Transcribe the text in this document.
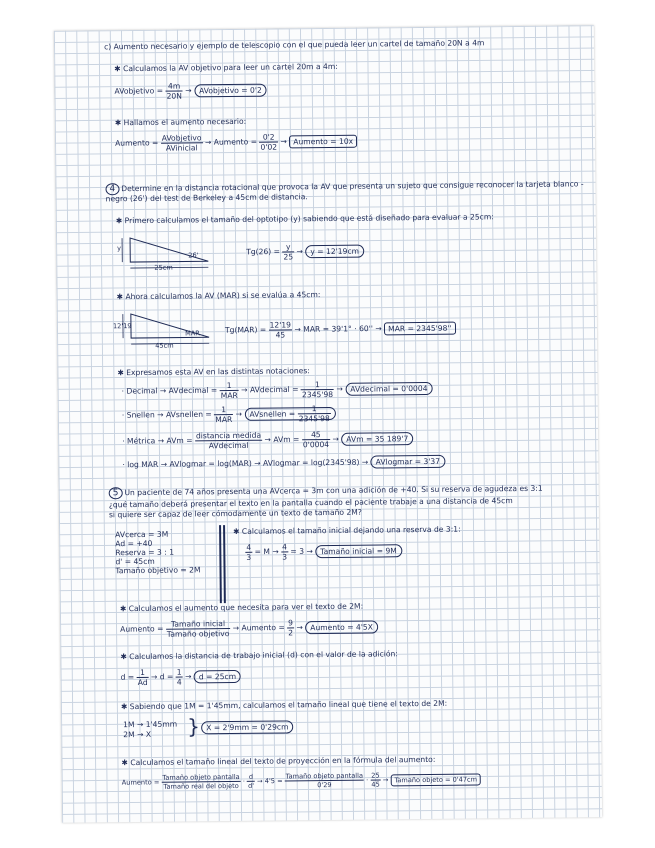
c) Aumento necesario y ejemplo de telescopio con el que pueda leer un cartel de tamaño 20N a 4m
✱ Calculamos la AV objetivo para leer un cartel 20m a 4m:
AVobjetivo = $\frac{4m}{20N}$ → AVobjetivo = 0'2
✱ Hallamos el aumento necesario:
Aumento = $\frac{\text{AVobjetivo}}{\text{AVinicial}}$ → Aumento = $\frac{0'2}{0'02}$ → Aumento = 10x
4 Determine en la distancia rotacional que provoca la AV que presenta un sujeto que consigue reconocer la tarjeta blanco - negro (26') del test de Berkeley a 45cm de distancia.
✱ Primero calculamos el tamaño del optotipo (y) sabiendo que está diseñado para evaluar a 25cm:
y
26'
25cm
$Tg(26) = \frac{y}{25} \to y = 12'19cm$
✱ Ahora calculamos la AV (MAR) si se evalúa a 45cm:
12'19
MAR
45cm
$Tg(MAR) = \frac{12'19}{45}$ → MAR = 39'1° · 60'' → MAR = 2345'98''
✱ Expresamos esta AV en las distintas notaciones:
· Decimal → AVdecimal = $\frac{1}{\text{MAR}}$ → AVdecimal = $\frac{1}{2345'98}$ → AVdecimal = 0'0004
· Snellen → AVsnellen = $\frac{1}{\text{MAR}}$ → AVsnellen = $\frac{1}{2345'98}$
· Métrica → AVm = $\frac{\text{distancia medida}}{\text{AVdecimal}}$ → AVm = $\frac{45}{0'0004}$ → AVm = 35 189'7
· log MAR → AVlogmar = log(MAR) → AVlogmar = log(2345'98) → AVlogmar = 3'37
5 Un paciente de 74 años presenta una AVcerca = 3m con una adición de +40. Si su reserva de agudeza es 3:1
¿qué tamaño deberá presentar el texto en la pantalla cuando el paciente trabaje a una distancia de 45cm
si quiere ser capaz de leer cómodamente un texto de tamaño 2M?
AVcerca = 3M
Ad = +40
Reserva = 3 : 1
d' = 45cm
Tamaño objetivo = 2M
✱ Calculamos el tamaño inicial dejando una reserva de 3:1:
$\frac{4}{3} = M \to \frac{4}{3} = 3$ → Tamaño inicial = 9M
✱ Calculamos el aumento que necesita para ver el texto de 2M:
Aumento = $\frac{\text{Tamaño inicial}}{\text{Tamaño objetivo}}$ → Aumento = $\frac{9}{2}$ → Aumento = 4'5X
✱ Calculamos la distancia de trabajo inicial (d) con el valor de la adición:
$d = \frac{1}{Ad} \to d = \frac{1}{4} \to d = 25cm$
✱ Sabiendo que 1M = 1'45mm, calculamos el tamaño lineal que tiene el texto de 2M:
1M → 1'45mm
2M → X } X = 2'9mm = 0'29cm
✱ Calculamos el tamaño lineal del texto de proyección en la fórmula del aumento:
Aumento = $\frac{\text{Tamaño objeto pantalla}}{\text{Tamaño real del objeto}} \cdot \frac{d}{d'} \to 4'5 = \frac{\text{Tamaño objeto pantalla}}{0'29} \cdot \frac{25}{45}$ → Tamaño objeto = 0'47cm
